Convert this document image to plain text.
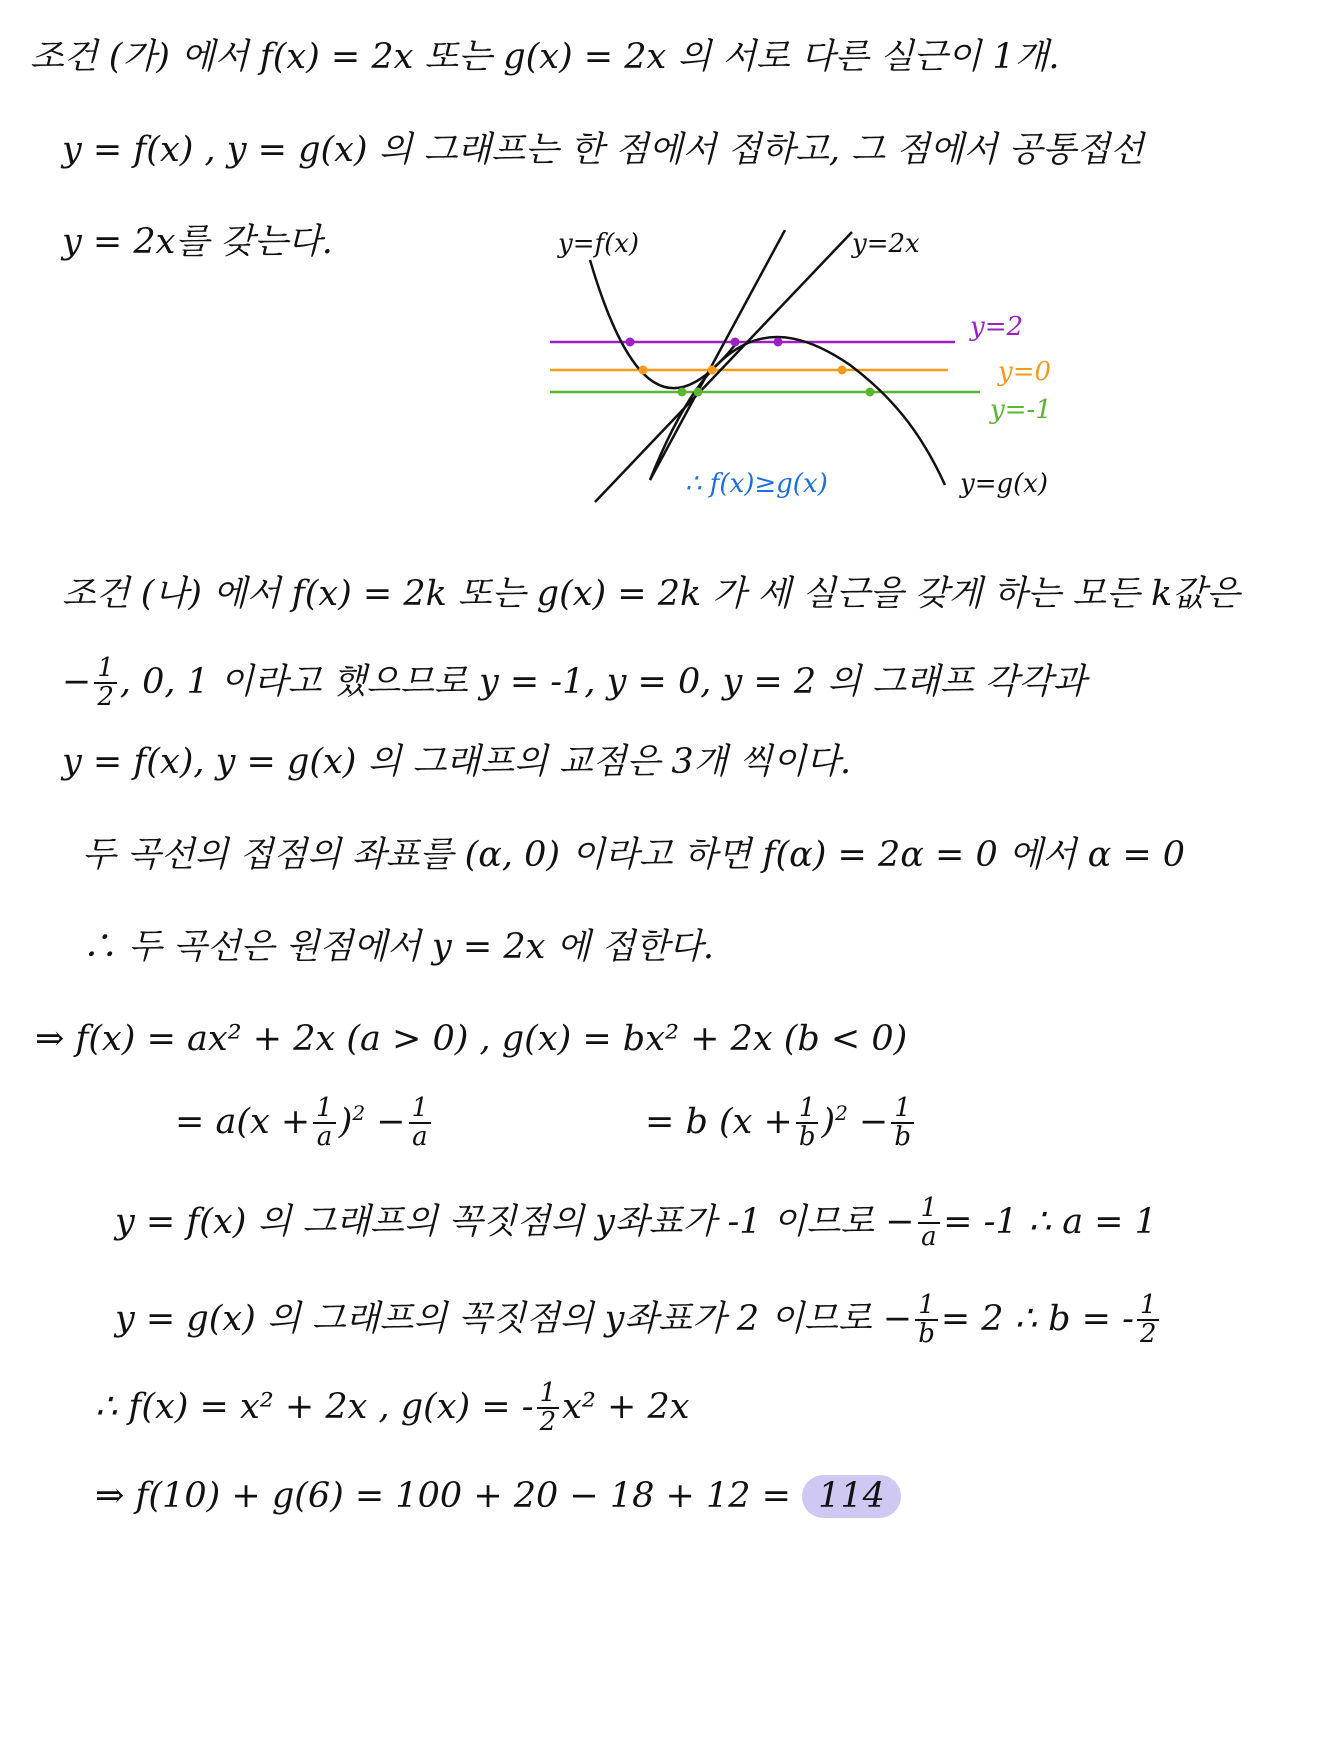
조건 (가) 에서 f(x) = 2x 또는 g(x) = 2x 의 서로 다른 실근이 1개.
y = f(x) , y = g(x) 의 그래프는 한 점에서 접하고, 그 점에서 공통접선
y = 2x를 갖는다.	y=f(x)	y=2x
y=2
y=0
y=-1
∴ f(x)≥g(x)	y=g(x)
조건 (나) 에서 f(x) = 2k 또는 g(x) = 2k 가 세 실근을 갖게 하는 모든 k값은
− $\frac{1}{2}$ , 0, 1 이라고 했으므로 y = -1, y = 0, y = 2 의 그래프 각각과
y = f(x), y = g(x) 의 그래프의 교점은 3개 씩이다.
두 곡선의 접점의 좌표를 (α, 0) 이라고 하면 f(α) = 2α = 0 에서 α = 0
∴ 두 곡선은 원점에서 y = 2x 에 접한다.
⇒ f(x) = ax² + 2x (a > 0) , g(x) = bx² + 2x (b < 0)
= $a(x + \frac{1}{a} )^2 - \frac{1}{a}$	= b $(x + \frac{1}{b} )^2 - \frac{1}{b}$
y = f(x) 의 그래프의 꼭짓점의 y좌표가 -1 이므로 − $\frac{1}{a} = -1$ ∴ a = 1
y = g(x) 의 그래프의 꼭짓점의 y좌표가 2 이므로 − $\frac{1}{b} = 2$ ∴ b = - $\frac{1}{2}$
∴ f(x) = x² + 2x , g(x) = - $\frac{1}{2} x^2 + 2x$
⇒ f(10) + g(6) = 100 + 20 − 18 + 12 = 114
